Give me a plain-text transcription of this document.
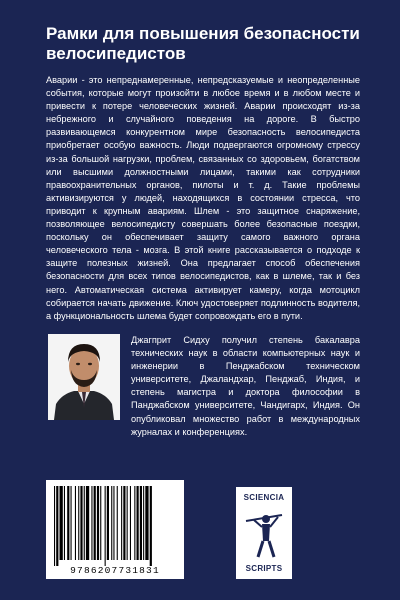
Рамки для повышения безопасности велосипедистов

Аварии - это непреднамеренные, непредсказуемые и неопределенные события, которые могут произойти в любое время и в любом месте и привести к потере человеческих жизней. Аварии происходят из-за небрежного и случайного поведения на дороге. В быстро развивающемся конкурентном мире безопасность велосипедиста приобретает особую важность. Люди подвергаются огромному стрессу из-за большой нагрузки, проблем, связанных со здоровьем, богатством или высшими должностными лицами, такими как сотрудники правоохранительных органов, пилоты и т. д. Такие проблемы активизируются у людей, находящихся в состоянии стресса, что приводит к крупным авариям. Шлем - это защитное снаряжение, позволяющее велосипедисту совершать более безопасные поездки, поскольку он обеспечивает защиту самого важного органа человеческого тела - мозга. В этой книге рассказывается о подходе к защите полезных жизней. Она предлагает способ обеспечения безопасности для всех типов велосипедистов, как в шлеме, так и без него. Автоматическая система активирует камеру, когда мотоцикл собирается начать движение. Ключ удостоверяет подлинность водителя, а функциональность шлема будет сопровождать его в пути.

Джагприт Сидху получил степень бакалавра технических наук в области компьютерных наук и инженерии в Пенджабском техническом университете, Джаландхар, Пенджаб, Индия, и степень магистра и доктора философии в Панджабском университете, Чандигарх, Индия. Он опубликовал множество работ в международных журналах и конференциях.

9786207731831
SCIENCIA
SCRIPTS
